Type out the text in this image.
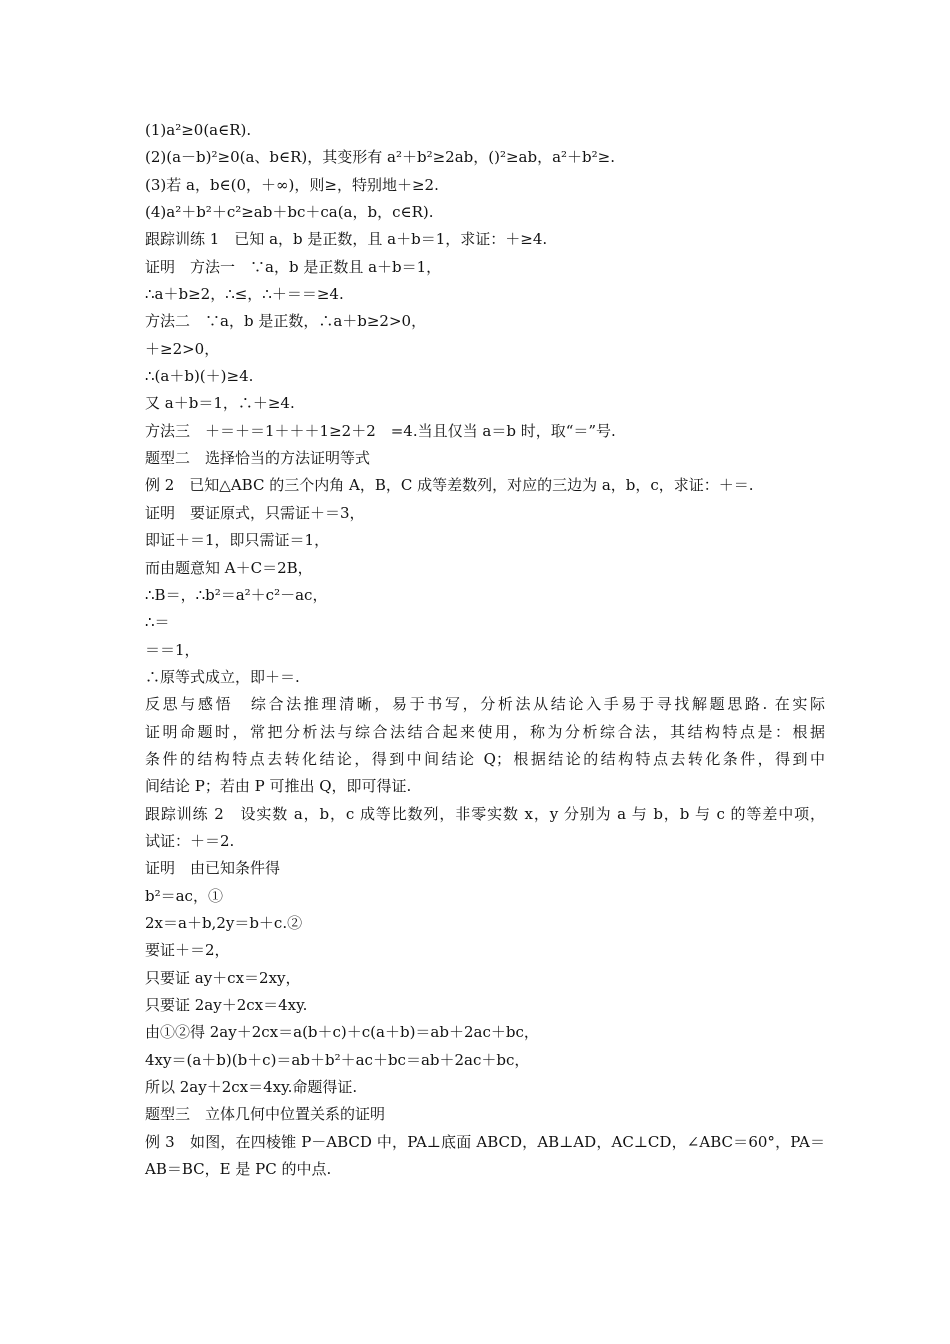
(1)a²≥0(a∈R).
(2)(a－b)²≥0(a、b∈R)，其变形有 a²＋b²≥2ab，()²≥ab，a²＋b²≥.
(3)若 a，b∈(0，＋∞)，则≥，特别地＋≥2.
(4)a²＋b²＋c²≥ab＋bc＋ca(a，b，c∈R).
跟踪训练 1　已知 a，b 是正数，且 a＋b＝1，求证：＋≥4.
证明　方法一　∵a，b 是正数且 a＋b＝1，
∴a＋b≥2，∴≤，∴＋＝＝≥4.
方法二　∵a，b 是正数，∴a＋b≥2>0，
＋≥2>0，
∴(a＋b)(＋)≥4.
又 a＋b＝1，∴＋≥4.
方法三　＋＝＋＝1＋＋＋1≥2＋2　=4.当且仅当 a＝b 时，取“＝”号.
题型二　选择恰当的方法证明等式
例 2　已知△ABC 的三个内角 A，B，C 成等差数列，对应的三边为 a，b，c，求证：＋＝.
证明　要证原式，只需证＋＝3，
即证＋＝1，即只需证＝1，
而由题意知 A＋C＝2B，
∴B＝，∴b²＝a²＋c²－ac，
∴＝
＝＝1，
∴原等式成立，即＋＝.
反思与感悟　综合法推理清晰，易于书写，分析法从结论入手易于寻找解题思路. 在实际
证明命题时，常把分析法与综合法结合起来使用，称为分析综合法，其结构特点是：根据
条件的结构特点去转化结论，得到中间结论 Q；根据结论的结构特点去转化条件，得到中
间结论 P；若由 P 可推出 Q，即可得证.
跟踪训练 2　设实数 a，b，c 成等比数列，非零实数 x，y 分别为 a 与 b，b 与 c 的等差中项，
试证：＋＝2.
证明　由已知条件得
b²＝ac，①
2x＝a＋b,2y＝b＋c.②
要证＋＝2，
只要证 ay＋cx＝2xy，
只要证 2ay＋2cx＝4xy.
由①②得 2ay＋2cx＝a(b＋c)＋c(a＋b)＝ab＋2ac＋bc，
4xy＝(a＋b)(b＋c)＝ab＋b²＋ac＋bc＝ab＋2ac＋bc，
所以 2ay＋2cx＝4xy.命题得证.
题型三　立体几何中位置关系的证明
例 3　如图，在四棱锥 P－ABCD 中，PA⊥底面 ABCD，AB⊥AD，AC⊥CD，∠ABC＝60°，PA＝
AB＝BC，E 是 PC 的中点.
